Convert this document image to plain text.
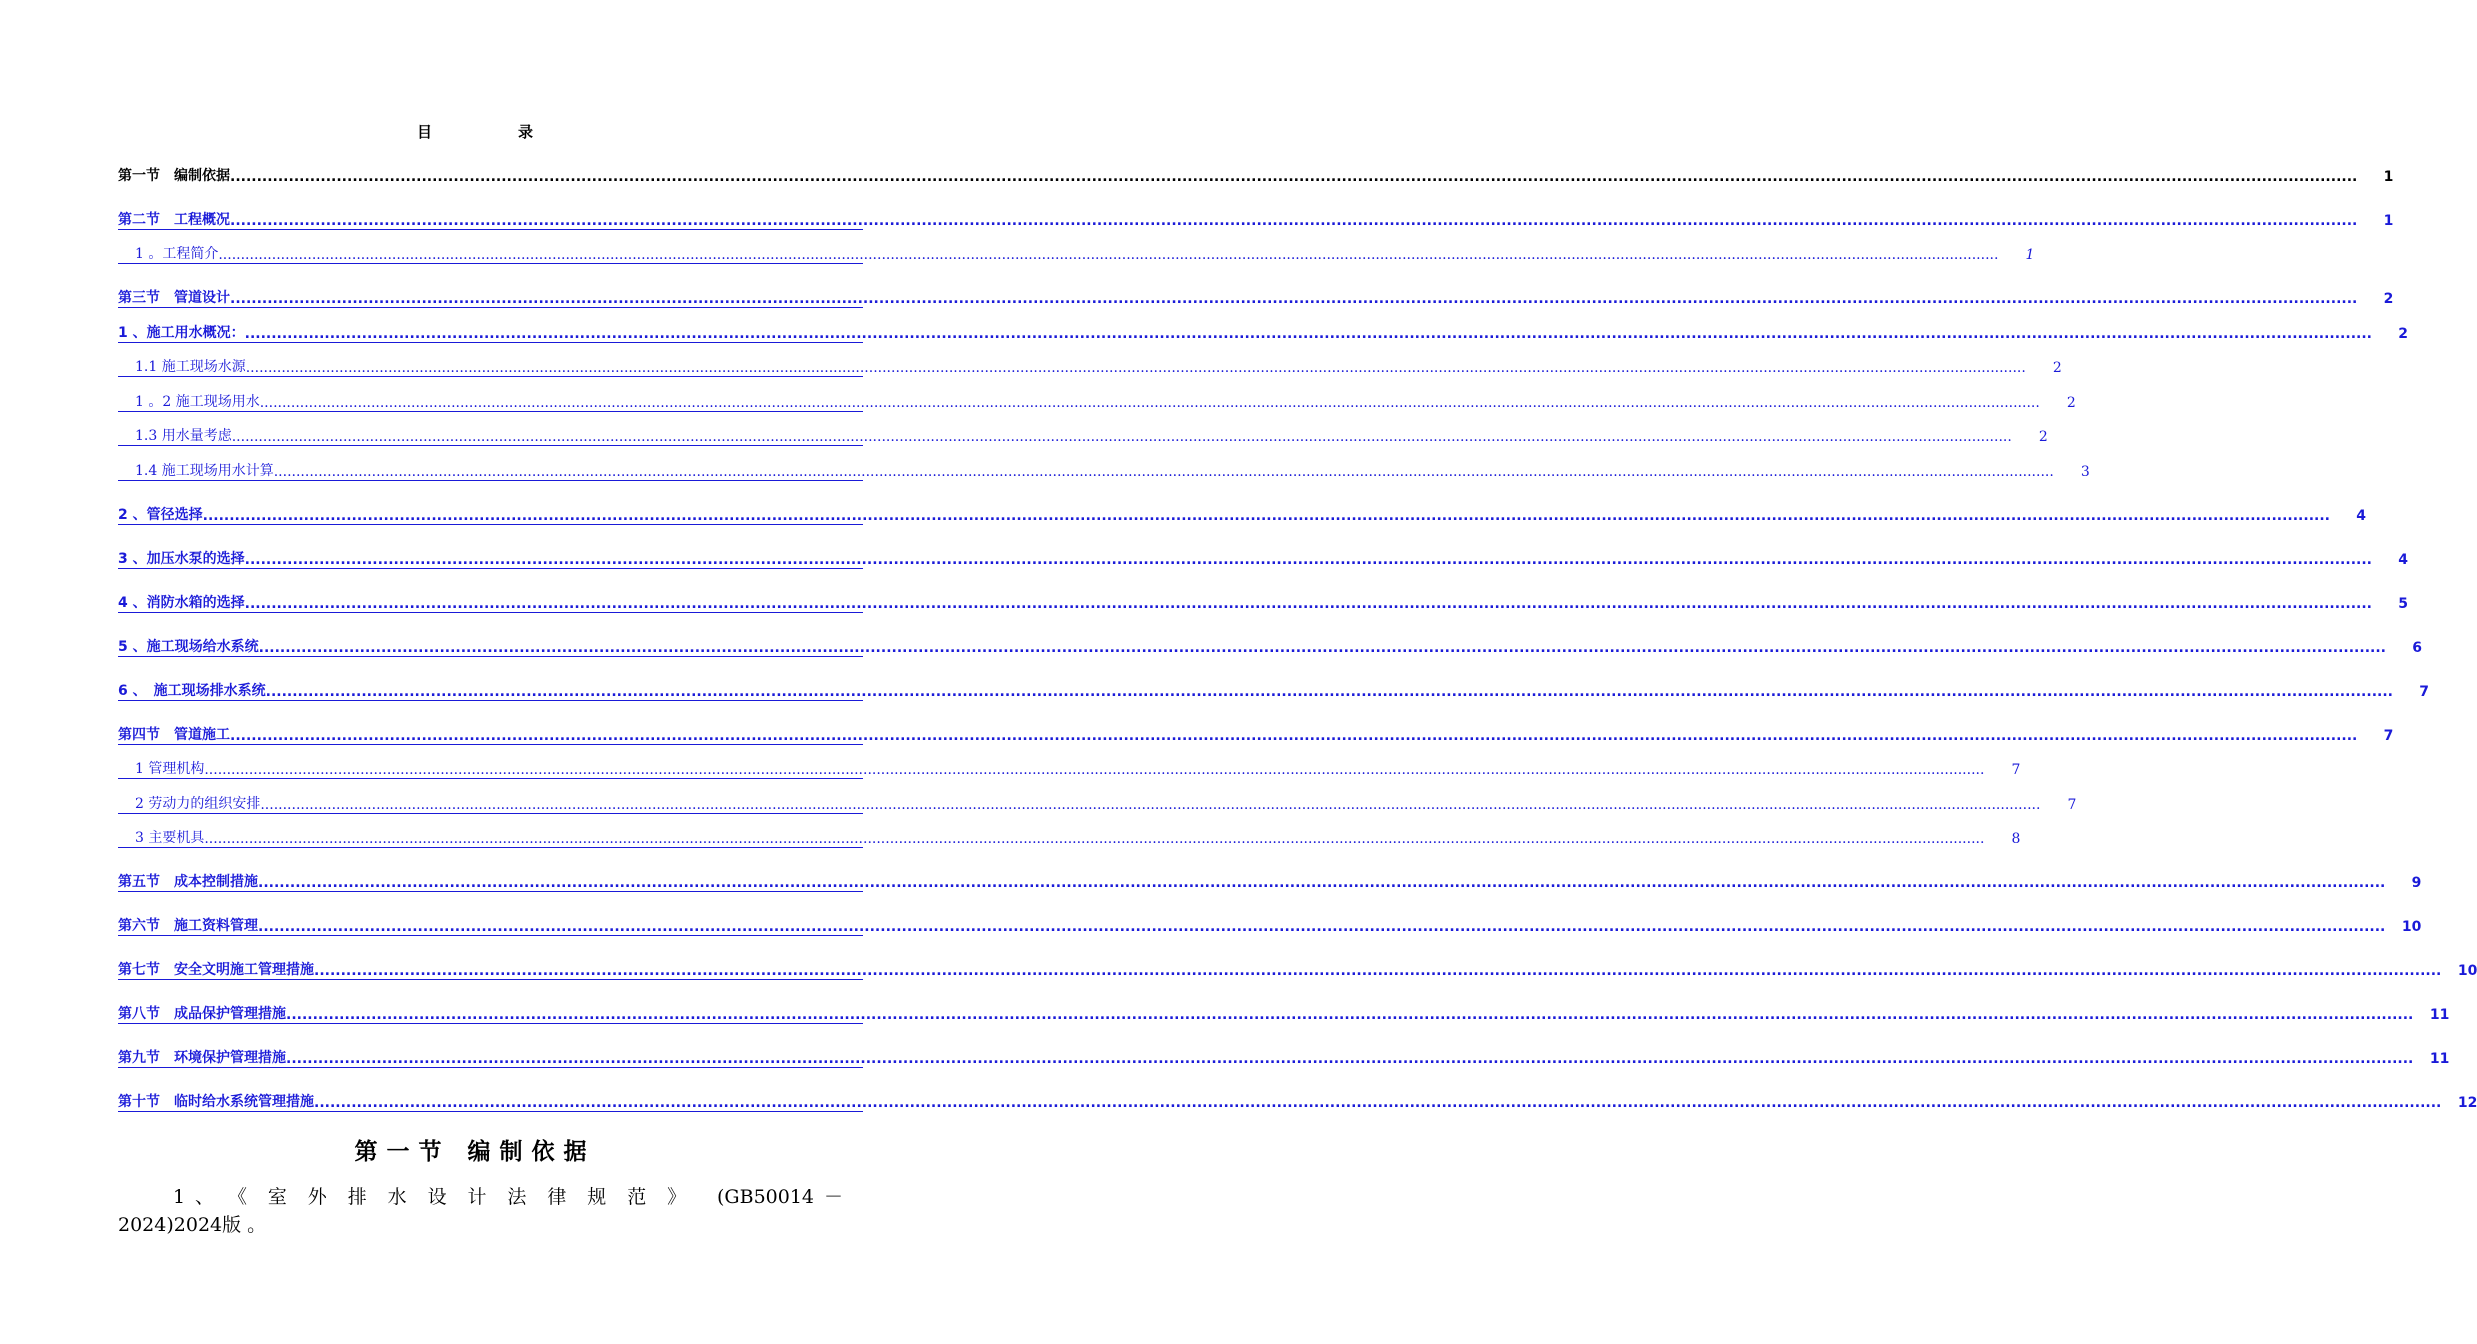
目	录
第一节　编制依据 ................................................................................................................................................................................................................................................................................................................................................................................................................	1
第二节　工程概况 ................................................................................................................................................................................................................................................................................................................................................................................................................	1
1 。工程简介 ................................................................................................................................................................................................................................................................................................................................................................................................................	1
第三节　管道设计 ................................................................................................................................................................................................................................................................................................................................................................................................................	2
1 、施工用水概况： ................................................................................................................................................................................................................................................................................................................................................................................................................	2
1.1 施工现场水源 ................................................................................................................................................................................................................................................................................................................................................................................................................	2
1 。2 施工现场用水 ................................................................................................................................................................................................................................................................................................................................................................................................................	2
1.3 用水量考虑 ................................................................................................................................................................................................................................................................................................................................................................................................................	2
1.4 施工现场用水计算 ................................................................................................................................................................................................................................................................................................................................................................................................................	3
2 、管径选择 ................................................................................................................................................................................................................................................................................................................................................................................................................	4
3 、加压水泵的选择 ................................................................................................................................................................................................................................................................................................................................................................................................................	4
4 、消防水箱的选择 ................................................................................................................................................................................................................................................................................................................................................................................................................	5
5 、施工现场给水系统 ................................................................................................................................................................................................................................................................................................................................................................................................................	6
6 、　施工现场排水系统 ................................................................................................................................................................................................................................................................................................................................................................................................................	7
第四节　管道施工 ................................................................................................................................................................................................................................................................................................................................................................................................................	7
1 管理机构 ................................................................................................................................................................................................................................................................................................................................................................................................................	7
2 劳动力的组织安排 ................................................................................................................................................................................................................................................................................................................................................................................................................	7
3 主要机具 ................................................................................................................................................................................................................................................................................................................................................................................................................	8
第五节　成本控制措施 ................................................................................................................................................................................................................................................................................................................................................................................................................	9
第六节　施工资料管理 ................................................................................................................................................................................................................................................................................................................................................................................................................	10
第七节　安全文明施工管理措施 ................................................................................................................................................................................................................................................................................................................................................................................................................	10
第八节　成品保护管理措施 ................................................................................................................................................................................................................................................................................................................................................................................................................	11
第九节　环境保护管理措施 ................................................................................................................................................................................................................................................................................................................................................................................................................	11
第十节　临时给水系统管理措施 ................................................................................................................................................................................................................................................................................................................................................................................................................	12
第一节 编制依据
1 、 《室外排水设计法律规范》 (GB50014 －2024)2024版 。
